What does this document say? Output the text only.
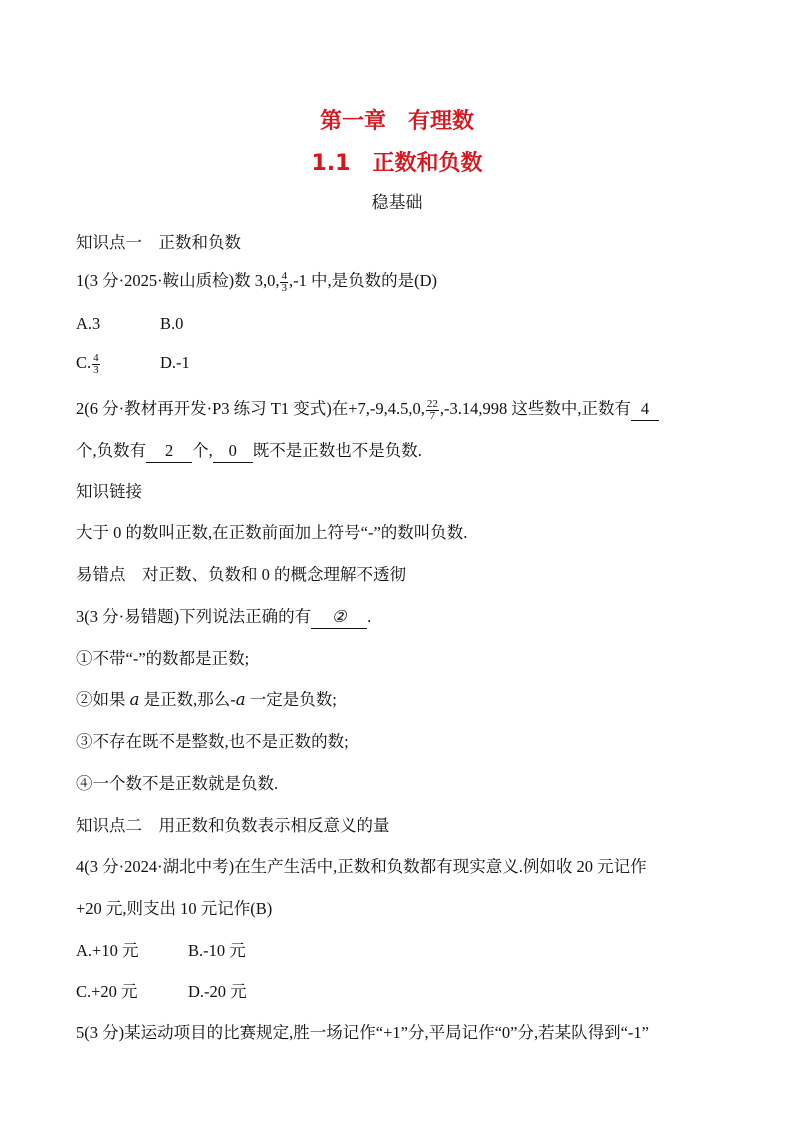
第一章　有理数
1.1 正数和负数
稳基础
知识点一　正数和负数
1(3 分·2025·鞍山质检)数 3,0, $\frac{4}{3} ,-1$ 中,是负数的是(D)
A.3	B.0
C. $\frac{4}{3}$	D.-1
2(6 分·教材再开发·P3 练习 T1 变式)在+7,-9,4.5,0, $\frac{22}{7} ,-3.14,998$ 这些数中,正数有 4
个,负数有 2 个, 0 既不是正数也不是负数.
知识链接
大于 0 的数叫正数,在正数前面加上符号“-”的数叫负数.
易错点　对正数、负数和 0 的概念理解不透彻
3(3 分·易错题)下列说法正确的有 ② .
①不带“-”的数都是正数;
②如果 a 是正数,那么-a 一定是负数;
③不存在既不是整数,也不是正数的数;
④一个数不是正数就是负数.
知识点二　用正数和负数表示相反意义的量
4(3 分·2024·湖北中考)在生产生活中,正数和负数都有现实意义.例如收 20 元记作
+20 元,则支出 10 元记作(B)
A.+10 元	B.-10 元
C.+20 元	D.-20 元
5(3 分)某运动项目的比赛规定,胜一场记作“+1”分,平局记作“0”分,若某队得到“-1”
